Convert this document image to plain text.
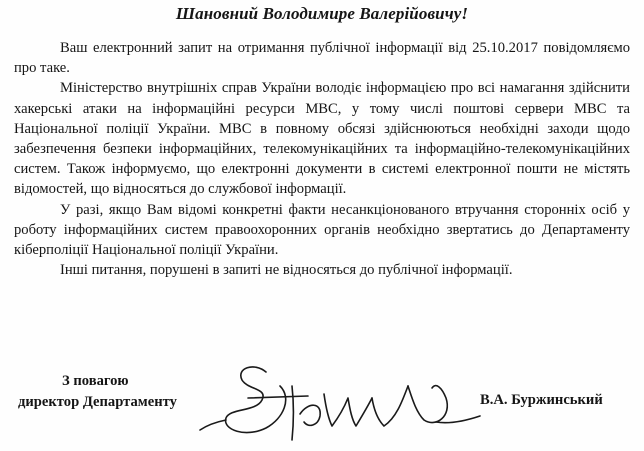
Шановний Володимире Валерійовичу!

Ваш електронний запит на отримання публічної інформації від 25.10.2017 повідомляємо про таке.

Міністерство внутрішніх справ України володіє інформацією про всі намагання здійснити хакерські атаки на інформаційні ресурси МВС, у тому числі поштові сервери МВС та Національної поліції України. МВС в повному обсязі здійснюються необхідні заходи щодо забезпечення безпеки інформаційних, телекомунікаційних та інформаційно-телекомунікаційних систем. Також інформуємо, що електронні документи в системі електронної пошти не містять відомостей, що відносяться до службової інформації.

У разі, якщо Вам відомі конкретні факти несанкціонованого втручання сторонніх осіб у роботу інформаційних систем правоохоронних органів необхідно звертатись до Департаменту кіберполіції Національної поліції України.

Інші питання, порушені в запиті не відносяться до публічної інформації.

З повагою
директор Департаменту	В.А. Буржинський
